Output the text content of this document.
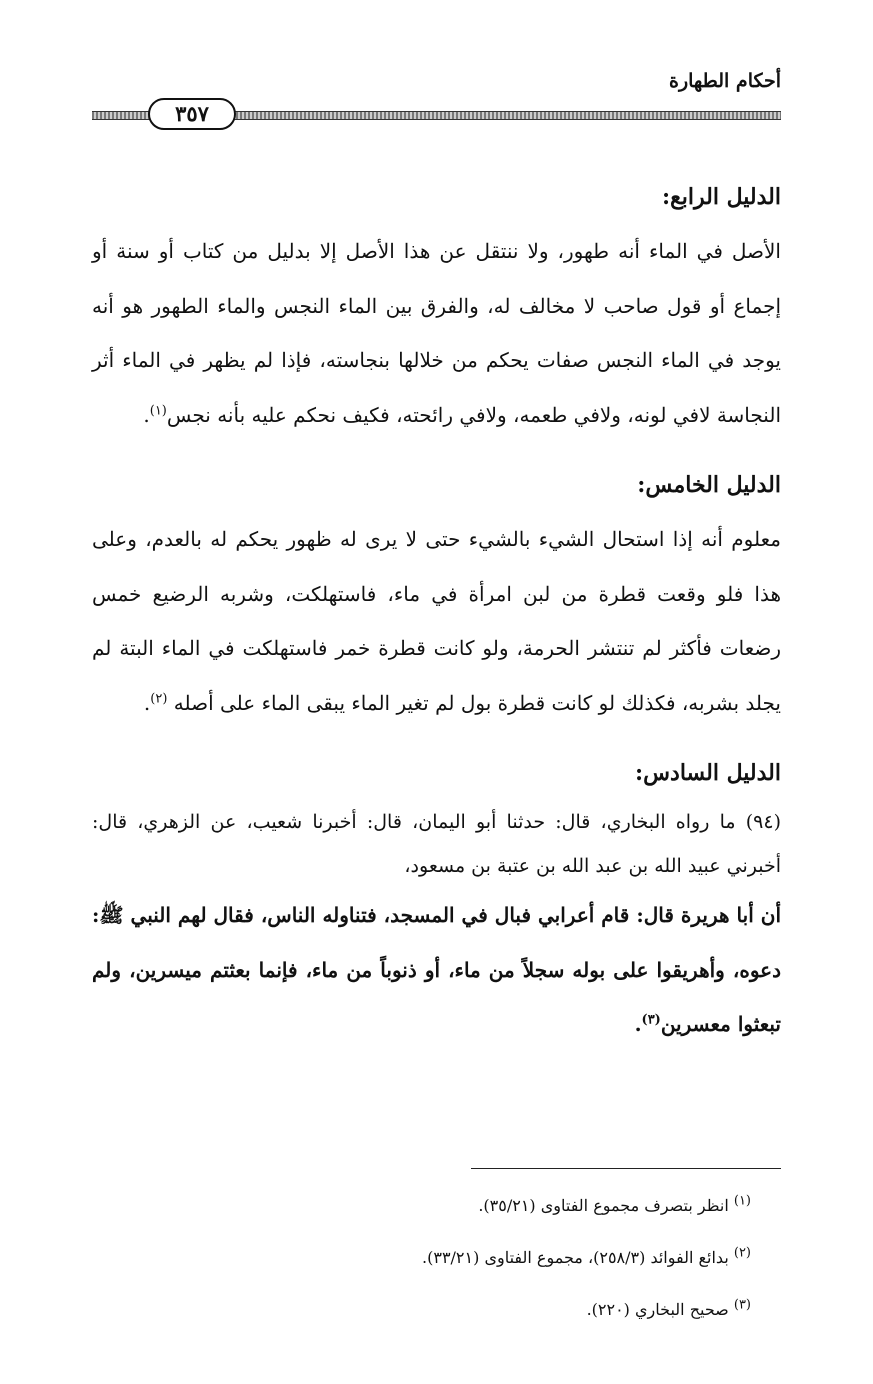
أحكام الطهارة
٣٥٧

الدليل الرابع:

الأصل في الماء أنه طهور، ولا ننتقل عن هذا الأصل إلا بدليل من كتاب أو سنة أو إجماع أو قول صاحب لا مخالف له، والفرق بين الماء النجس والماء الطهور هو أنه يوجد في الماء النجس صفات يحكم من خلالها بنجاسته، فإذا لم يظهر في الماء أثر النجاسة لافي لونه، ولافي طعمه، ولافي رائحته، فكيف نحكم عليه بأنه نجس$^{(١)}$.

الدليل الخامس:

معلوم أنه إذا استحال الشيء بالشيء حتى لا يرى له ظهور يحكم له بالعدم، وعلى هذا فلو وقعت قطرة من لبن امرأة في ماء، فاستهلكت، وشربه الرضيع خمس رضعات فأكثر لم تنتشر الحرمة، ولو كانت قطرة خمر فاستهلكت في الماء البتة لم يجلد بشربه، فكذلك لو كانت قطرة بول لم تغير الماء يبقى الماء على أصله $^{(٢)}$.

الدليل السادس:

(٩٤) ما رواه البخاري، قال: حدثنا أبو اليمان، قال: أخبرنا شعيب، عن الزهري، قال: أخبرني عبيد الله بن عبد الله بن عتبة بن مسعود،

أن أبا هريرة قال: قام أعرابي فبال في المسجد، فتناوله الناس، فقال لهم النبي ﷺ: دعوه، وأهريقوا على بوله سجلاً من ماء، أو ذنوباً من ماء، فإنما بعثتم ميسرين، ولم تبعثوا معسرين$^{(٣)}$.

$^{(١)}$ انظر بتصرف مجموع الفتاوى (٣٥/٢١).
$^{(٢)}$ بدائع الفوائد (٢٥٨/٣)، مجموع الفتاوى (٣٣/٢١).
$^{(٣)}$ صحيح البخاري (٢٢٠).
